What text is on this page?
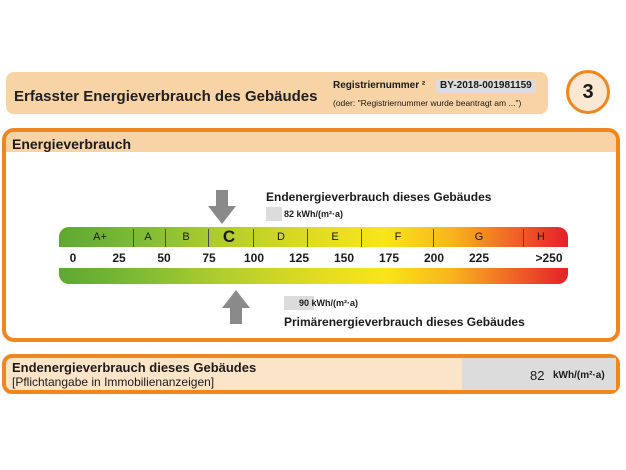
Erfasster Energieverbrauch des Gebäudes
Registriernummer ²	BY-2018-001981159
(oder: "Registriernummer wurde beantragt am ...")	3
Energieverbrauch
Endenergieverbrauch dieses Gebäudes
82 kWh/(m²·a)
A+	A	B C	D	E	F	G	H
0	25	50	75 100 125 150 175 200 225	>250
90 kWh/(m²·a)
Primärenergieverbrauch dieses Gebäudes
Endenergieverbrauch dieses Gebäudes
[Pflichtangabe in Immobilienanzeigen]	82 kWh/(m²·a)
